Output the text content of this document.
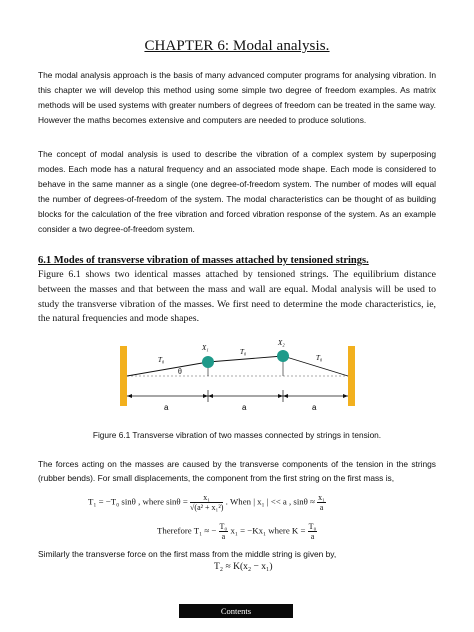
CHAPTER 6: Modal analysis.

The modal analysis approach is the basis of many advanced computer programs for analysing vibration. In this chapter we will develop this method using some simple two degree of freedom examples. As matrix methods will be used systems with greater numbers of degrees of freedom can be treated in the same way. However the maths becomes extensive and computers are needed to produce solutions.

The concept of modal analysis is used to describe the vibration of a complex system by superposing modes. Each mode has a natural frequency and an associated mode shape. Each mode is considered to behave in the same manner as a single (one degree-of-freedom system. The number of modes will equal the number of degrees-of-freedom of the system. The modal characteristics can be thought of as building blocks for the calculation of the free vibration and forced vibration response of the system. As an example consider a two degree-of-freedom system.

6.1 Modes of transverse vibration of masses attached by tensioned strings.

Figure 6.1 shows two identical masses attached by tensioned strings. The equilibrium distance between the masses and that between the mass and wall are equal. Modal analysis will be used to study the transverse vibration of the masses. We first need to determine the mode characteristics, ie, the natural frequencies and mode shapes.

T₀
X₁	T₀
X₂
T₀
θ
a	a	a
Figure 6.1 Transverse vibration of two masses connected by strings in tension.

The forces acting on the masses are caused by the transverse components of the tension in the strings (rubber bends). For small displacements, the component from the first string on the first mass is,

T₁ = −T₀ sinθ , where $\sin\theta = \frac{\text{x₁}}{\text{√(a² + x₁²)}}$ . When | x₁ | << a , $\sin\theta \approx \frac{\text{x₁}}{a}$
Therefore T₁ ≈ − $\frac{\text{T₀}}{a} x_1 = -Kx_1$ where $K = \frac{\text{T₀}}{a}$

Similarly the transverse force on the first mass from the middle string is given by,

T₂ ≈ K(x₂ − x₁)
Contents
